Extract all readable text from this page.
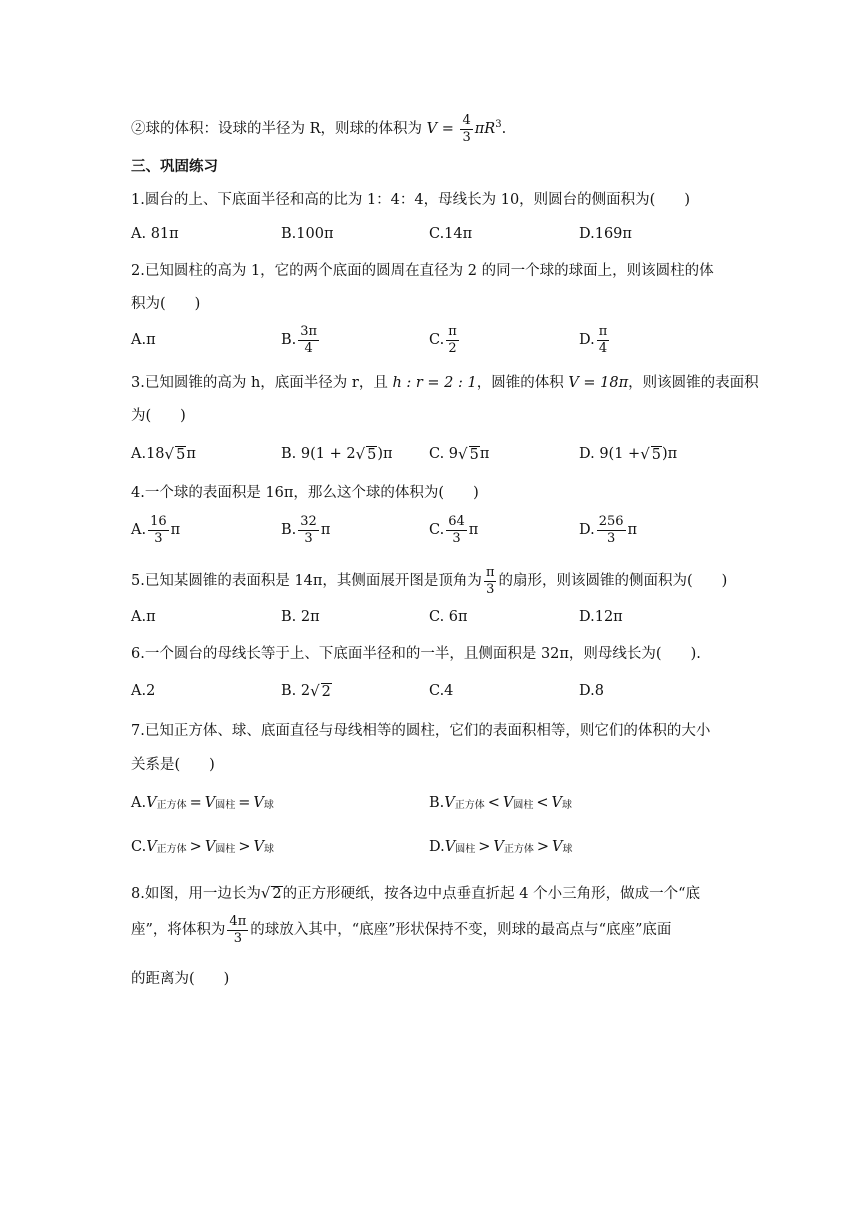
②球的体积：设球的半径为 R，则球的体积为 $V = \frac{4}{3} \pi R^3$.
三、巩固练习
1.圆台的上、下底面半径和高的比为 1：4：4，母线长为 10，则圆台的侧面积为(　　)
A. 81π	B.100π	C.14π	D.169π
2.已知圆柱的高为 1，它的两个底面的圆周在直径为 2 的同一个球的球面上，则该圆柱的体
积为(　　)
A.π	B. $\frac{3\pi}{4}$	C. $\frac{\pi}{2}$	D. $\frac{\pi}{4}$
3.已知圆锥的高为 h，底面半径为 r，且 h : r = 2 : 1，圆锥的体积 V = 18π，则该圆锥的表面积
为(　　)
A.18 √ 5 π	B. 9(1 + 2 √ 5 )π	C. 9 √ 5 π	D. 9(1 + √ 5 )π
4.一个球的表面积是 16π，那么这个球的体积为(　　)
A. $\frac{16}{3}$ π	B. $\frac{32}{3}$ π	C. $\frac{64}{3}$ π	D. $\frac{256}{3}$ π
5.已知某圆锥的表面积是 14π，其侧面展开图是顶角为 $\frac{\pi}{3}$ 的扇形，则该圆锥的侧面积为(　　)
A.π	B. 2π	C. 6π	D.12π
6.一个圆台的母线长等于上、下底面半径和的一半，且侧面积是 32π，则母线长为(　　).
A.2	B. 2 √ 2	C.4	D.8
7.已知正方体、球、底面直径与母线相等的圆柱，它们的表面积相等，则它们的体积的大小
关系是(　　)
A. V 正方体 = V 圆柱 = V 球	B. V 正方体 < V 圆柱 < V 球
C. V 正方体 > V 圆柱 > V 球	D. V 圆柱 > V 正方体 > V 球
8.如图，用一边长为√ 2的正方形硬纸，按各边中点垂直折起 4 个小三角形，做成一个“底
座”，将体积为 $\frac{4\pi}{3}$ 的球放入其中，“底座”形状保持不变，则球的最高点与“底座”底面
的距离为(　　)
